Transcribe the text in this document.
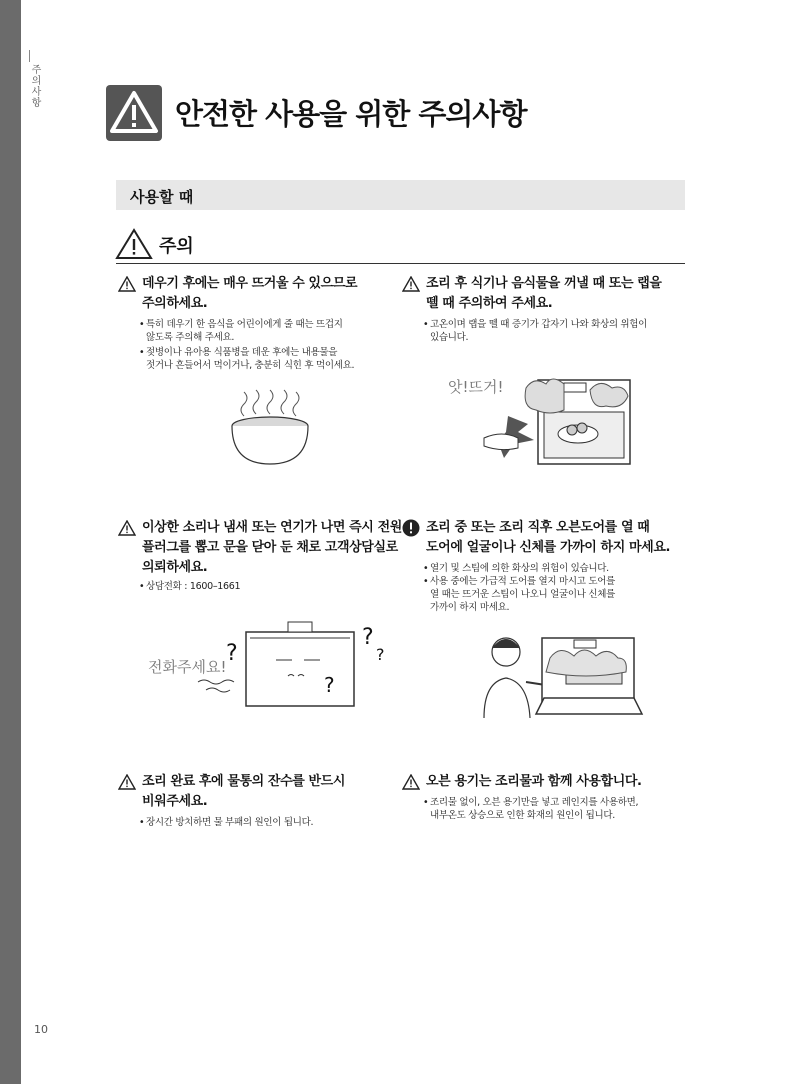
주의사항
10
안전한 사용을 위한 주의사항
사용할 때
주의
데우기 후에는 매우 뜨거울 수 있으므로
주의하세요.
• 특히 데우기 한 음식을 어린이에게 줄 때는 뜨겁지
않도록 주의해 주세요.
• 젖병이나 유아용 식품병을 데운 후에는 내용물을
젓거나 흔들어서 먹이거나, 충분히 식힌 후 먹이세요.
조리 후 식기나 음식물을 꺼낼 때 또는 랩을
뗄 때 주의하여 주세요.
• 고온이며 랩을 뗄 때 증기가 갑자기 나와 화상의 위험이
있습니다.
앗!뜨거!
이상한 소리나 냄새 또는 연기가 나면 즉시 전원
플러그를 뽑고 문을 닫아 둔 채로 고객상담실로
의뢰하세요.
• 상담전화 : 1600–1661
조리 중 또는 조리 직후 오븐도어를 열 때
도어에 얼굴이나 신체를 가까이 하지 마세요.
• 열기 및 스팀에 의한 화상의 위험이 있습니다.
• 사용 중에는 가급적 도어를 열지 마시고 도어를
열 때는 뜨거운 스팀이 나오니 얼굴이나 신체를
가까이 하지 마세요.
전화주세요!
?
?
?
?
조리 완료 후에 물통의 잔수를 반드시
비워주세요.
• 장시간 방치하면 물 부패의 원인이 됩니다.
오븐 용기는 조리물과 함께 사용합니다.
• 조리물 없이, 오븐 용기만을 넣고 레인지를 사용하면,
내부온도 상승으로 인한 화재의 원인이 됩니다.
